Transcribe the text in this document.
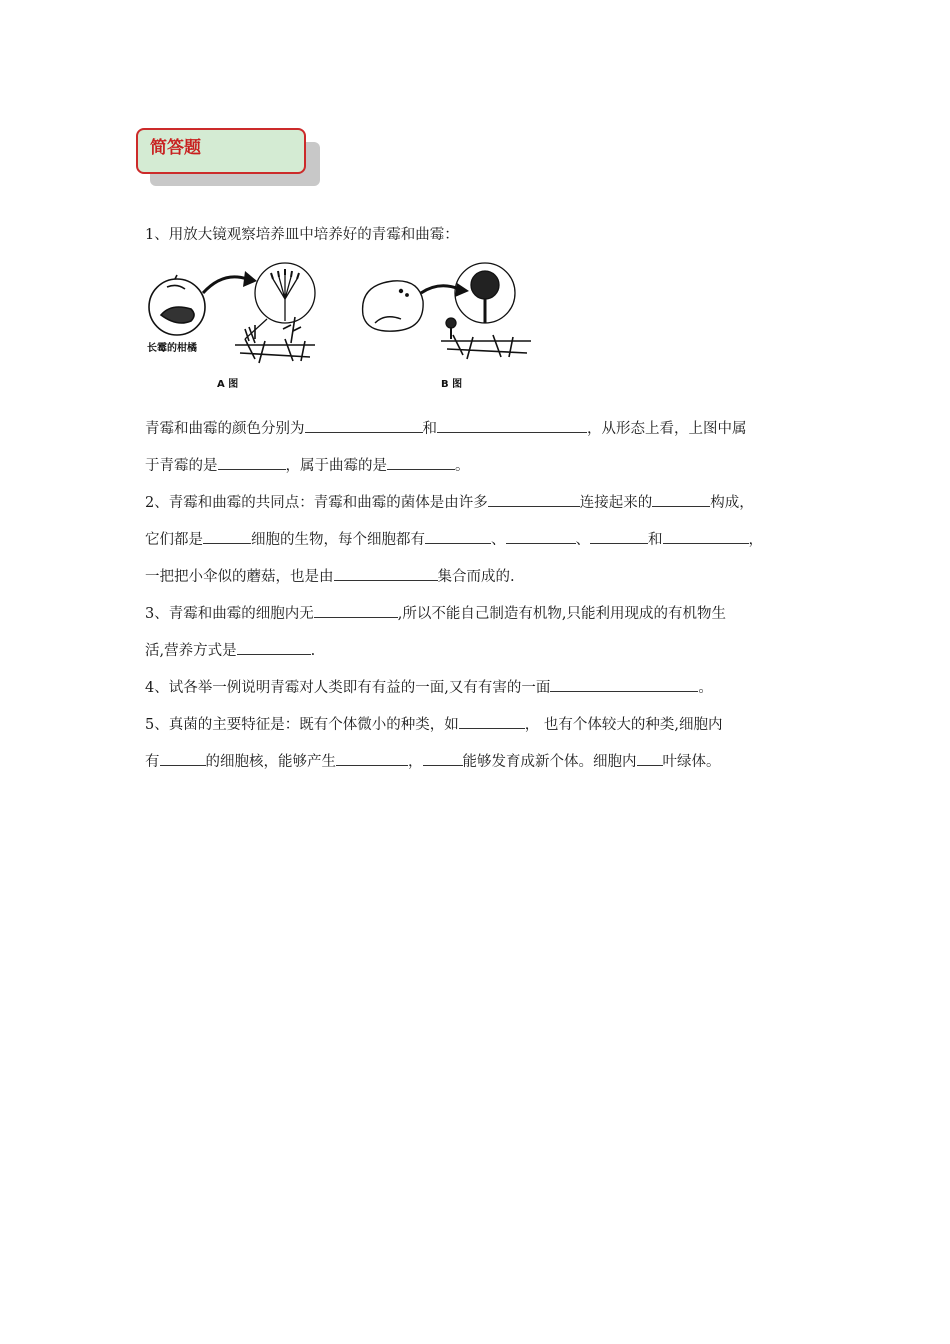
简答题
1、用放大镜观察培养皿中培养好的青霉和曲霉：
长霉的柑橘
A 图	B 图
青霉和曲霉的颜色分别为	和	，从形态上看，上图中属
于青霉的是	，属于曲霉的是	。
2、青霉和曲霉的共同点：青霉和曲霉的菌体是由许多	连接起来的	构成，
它们都是	细胞的生物，每个细胞都有	、	、	和	，
一把把小伞似的蘑菇，也是由	集合而成的.
3、青霉和曲霉的细胞内无	,所以不能自己制造有机物,只能利用现成的有机物生
活,营养方式是	.
4、试各举一例说明青霉对人类即有有益的一面,又有有害的一面	。
5、真菌的主要特征是：既有个体微小的种类，如	， 也有个体较大的种类,细胞内
有	的细胞核，能够产生	，	能够发育成新个体。细胞内 叶绿体。
